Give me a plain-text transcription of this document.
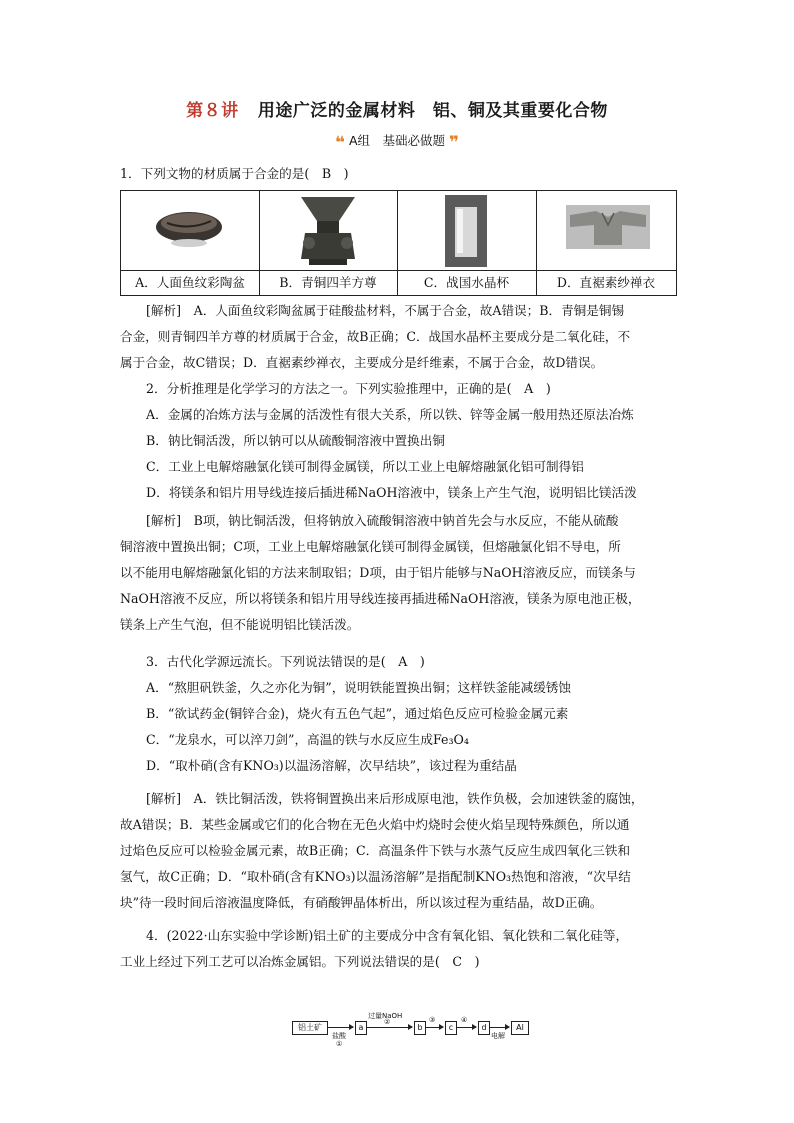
第８讲 用途广泛的金属材料　铝、铜及其重要化合物
❝ A组　基础必做题 ❞
1．下列文物的材质属于合金的是(　B　)
A．人面鱼纹彩陶盆	B．青铜四羊方尊	C．战国水晶杯	D．直裾素纱禅衣
[解析]　A．人面鱼纹彩陶盆属于硅酸盐材料，不属于合金，故A错误；B．青铜是铜锡
合金，则青铜四羊方尊的材质属于合金，故B正确；C．战国水晶杯主要成分是二氧化硅，不
属于合金，故C错误；D．直裾素纱禅衣，主要成分是纤维素，不属于合金，故D错误。
2．分析推理是化学学习的方法之一。下列实验推理中，正确的是(　A　)
A．金属的冶炼方法与金属的活泼性有很大关系，所以铁、锌等金属一般用热还原法冶炼
B．钠比铜活泼，所以钠可以从硫酸铜溶液中置换出铜
C．工业上电解熔融氯化镁可制得金属镁，所以工业上电解熔融氯化铝可制得铝
D．将镁条和铝片用导线连接后插进稀NaOH溶液中，镁条上产生气泡，说明铝比镁活泼
[解析]　B项，钠比铜活泼，但将钠放入硫酸铜溶液中钠首先会与水反应，不能从硫酸
铜溶液中置换出铜；C项，工业上电解熔融氯化镁可制得金属镁，但熔融氯化铝不导电，所
以不能用电解熔融氯化铝的方法来制取铝；D项，由于铝片能够与NaOH溶液反应，而镁条与
NaOH溶液不反应，所以将镁条和铝片用导线连接再插进稀NaOH溶液，镁条为原电池正极，
镁条上产生气泡，但不能说明铝比镁活泼。
3．古代化学源远流长。下列说法错误的是(　A　)
A．“熬胆矾铁釜，久之亦化为铜”，说明铁能置换出铜；这样铁釜能减缓锈蚀
B．“欲试药金(铜锌合金)，烧火有五色气起”，通过焰色反应可检验金属元素
C．“龙泉水，可以淬刀剑”，高温的铁与水反应生成Fe₃O₄
D．“取朴硝(含有KNO₃)以温汤溶解，次早结块”，该过程为重结晶
[解析]　A．铁比铜活泼，铁将铜置换出来后形成原电池，铁作负极，会加速铁釜的腐蚀，
故A错误；B．某些金属或它们的化合物在无色火焰中灼烧时会使火焰呈现特殊颜色，所以通
过焰色反应可以检验金属元素，故B正确；C．高温条件下铁与水蒸气反应生成四氧化三铁和
氢气，故C正确；D．“取朴硝(含有KNO₃)以温汤溶解”是指配制KNO₃热饱和溶液，“次早结
块”待一段时间后溶液温度降低，有硝酸钾晶体析出，所以该过程为重结晶，故D正确。
4．(2022·山东实验中学诊断)铝土矿的主要成分中含有氧化铝、氧化铁和二氧化硅等，
工业上经过下列工艺可以冶炼金属铝。下列说法错误的是(　C　)
铝土矿
盐酸
①
a
过量NaOH
②
b
③
c
④
d
电解
Al
